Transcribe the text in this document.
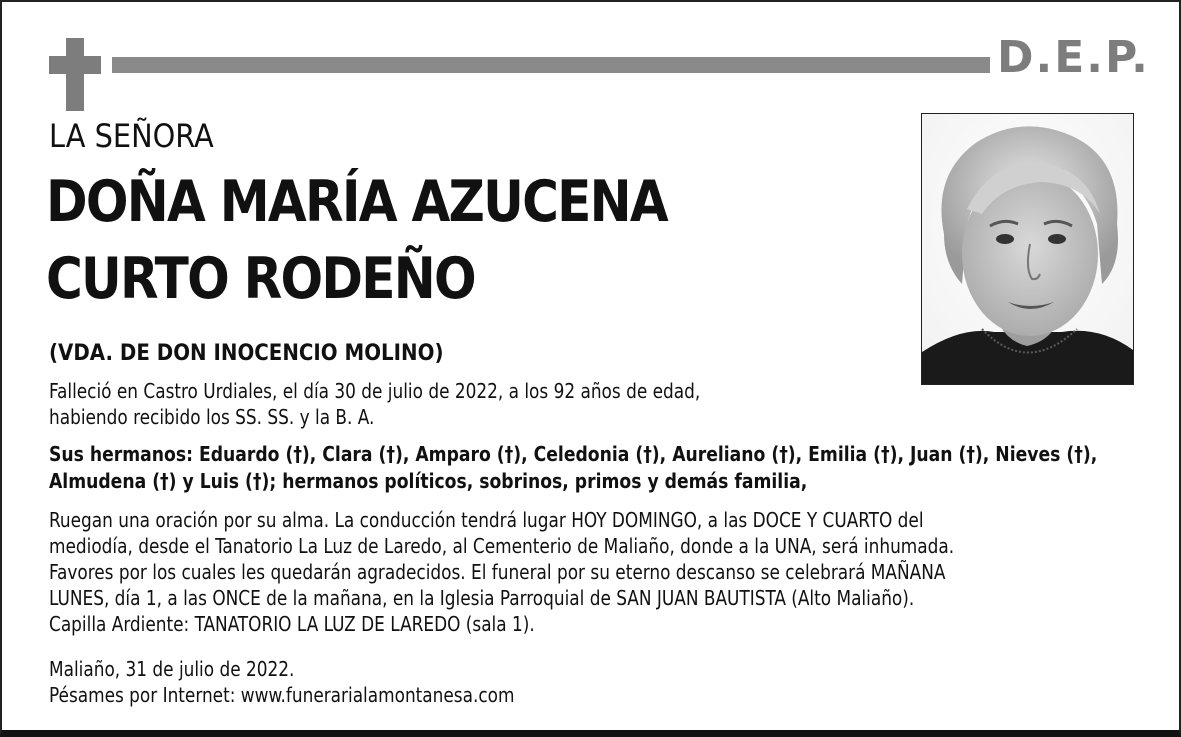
D.E.P.
LA SEÑORA
DOÑA MARÍA AZUCENA
CURTO RODEÑO
(VDA. DE DON INOCENCIO MOLINO)
Falleció en Castro Urdiales, el día 30 de julio de 2022, a los 92 años de edad,
habiendo recibido los SS. SS. y la B. A.
Sus hermanos: Eduardo (†), Clara (†), Amparo (†), Celedonia (†), Aureliano (†), Emilia (†), Juan (†), Nieves (†),
Almudena (†) y Luis (†); hermanos políticos, sobrinos, primos y demás familia,
Ruegan una oración por su alma. La conducción tendrá lugar HOY DOMINGO, a las DOCE Y CUARTO del
mediodía, desde el Tanatorio La Luz de Laredo, al Cementerio de Maliaño, donde a la UNA, será inhumada.
Favores por los cuales les quedarán agradecidos. El funeral por su eterno descanso se celebrará MAÑANA
LUNES, día 1, a las ONCE de la mañana, en la Iglesia Parroquial de SAN JUAN BAUTISTA (Alto Maliaño).
Capilla Ardiente: TANATORIO LA LUZ DE LAREDO (sala 1).
Maliaño, 31 de julio de 2022.
Pésames por Internet: www.funerarialamontanesa.com
